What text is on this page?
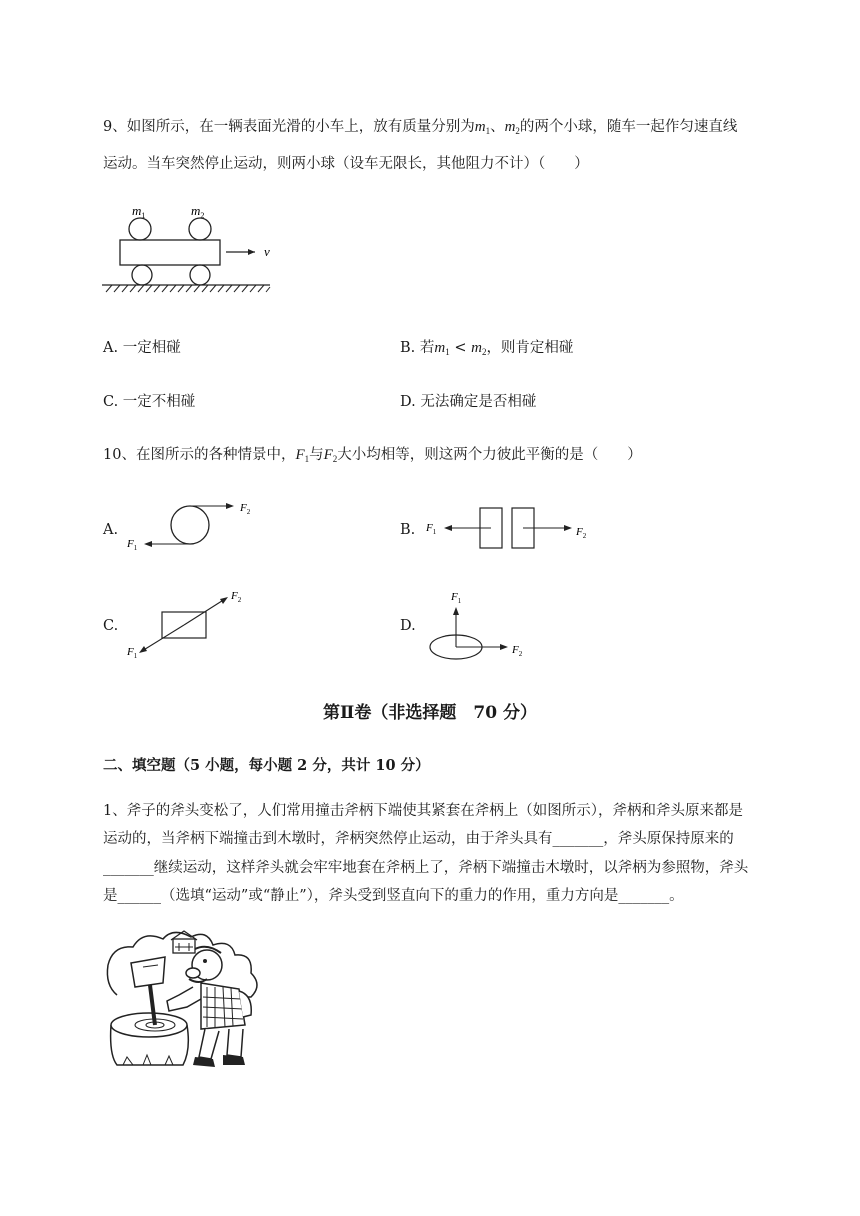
9、如图所示，在一辆表面光滑的小车上，放有质量分别为$m_1$、$m_2$的两个小球，随车一起作匀速直线
运动。当车突然停止运动，则两小球（设车无限长，其他阻力不计）（　　）
$m_1$	$m_2$
v
A. 一定相碰	B. 若$m_1 < m_2$，则肯定相碰
C. 一定不相碰	D. 无法确定是否相碰
10、在图所示的各种情景中，$F_1$与$F_2$大小均相等，则这两个力彼此平衡的是（　　）
A.
$F_2$
$F_1$
B. $F_1$	$F_2$
C.
$F_2$
$F_1$
D.
$F_1$
$F_2$
第Ⅱ卷（非选择题　70 分）
二、填空题（5 小题，每小题 2 分，共计 10 分）
1、斧子的斧头变松了，人们常用撞击斧柄下端使其紧套在斧柄上（如图所示），斧柄和斧头原来都是
运动的，当斧柄下端撞击到木墩时，斧柄突然停止运动，由于斧头具有_______，斧头原保持原来的
_______继续运动，这样斧头就会牢牢地套在斧柄上了，斧柄下端撞击木墩时，以斧柄为参照物，斧头
是______（选填“运动”或“静止”），斧头受到竖直向下的重力的作用，重力方向是_______。
